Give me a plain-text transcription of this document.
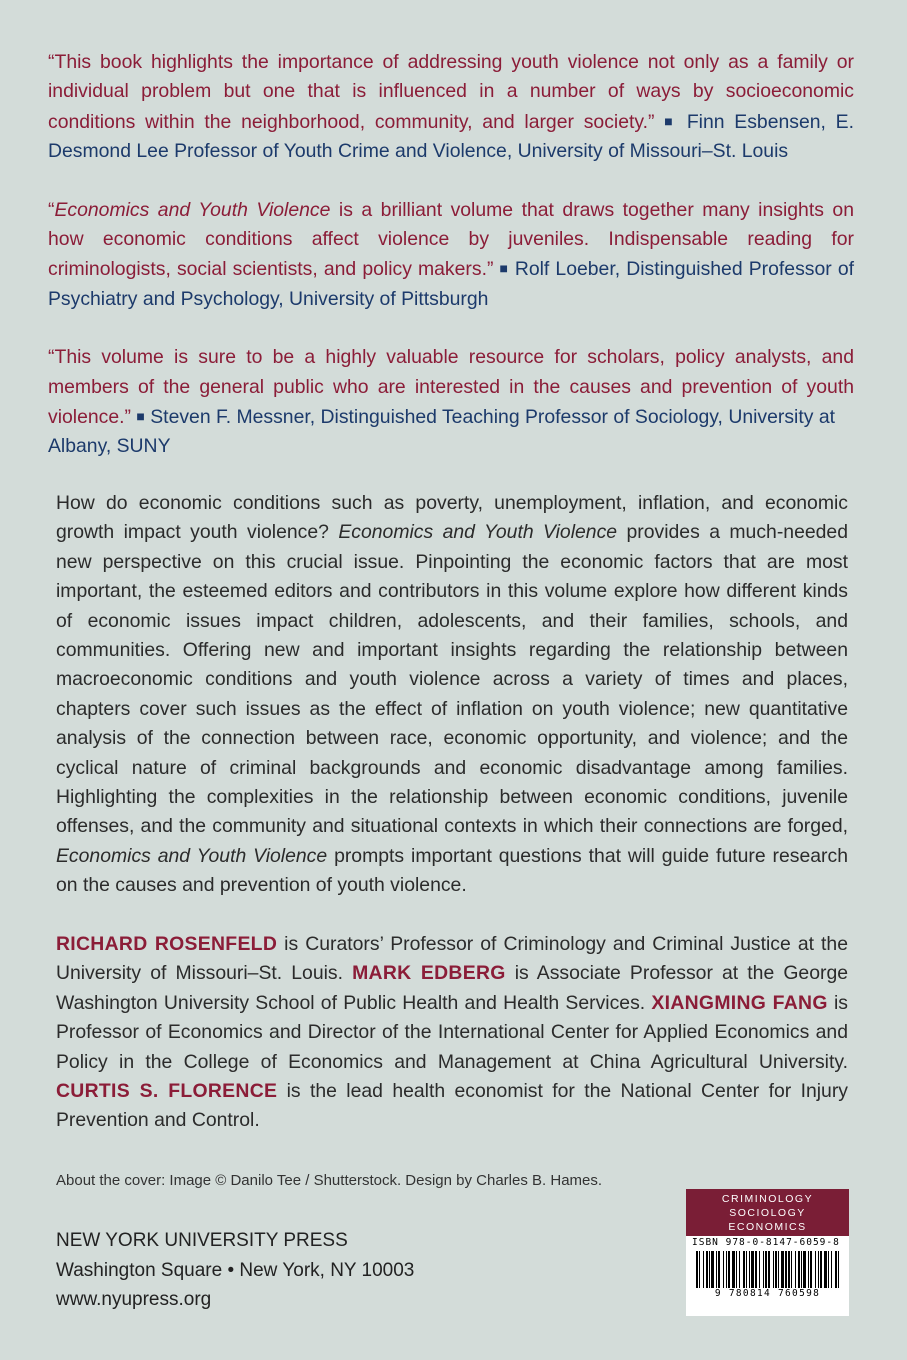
“This book highlights the importance of addressing youth violence not only as a family or individual problem but one that is influenced in a number of ways by socioeconomic conditions within the neighborhood, community, and larger society.” ■ Finn Esbensen, E. Desmond Lee Professor of Youth Crime and Violence, University of Missouri–St. Louis

“Economics and Youth Violence is a brilliant volume that draws together many insights on how economic conditions affect violence by juveniles. Indispensable reading for criminologists, social scientists, and policy makers.” ■ Rolf Loeber, Distinguished Professor of Psychiatry and Psychology, University of Pittsburgh

“This volume is sure to be a highly valuable resource for scholars, policy analysts, and members of the general public who are interested in the causes and prevention of youth violence.” ■ Steven F. Messner, Distinguished Teaching Professor of Sociology, University at
Albany, SUNY

How do economic conditions such as poverty, unemployment, inflation, and economic growth impact youth violence? Economics and Youth Violence provides a much-needed new perspective on this crucial issue. Pinpointing the economic factors that are most important, the esteemed editors and contributors in this volume explore how different kinds of economic issues impact children, adolescents, and their families, schools, and communities. Offering new and important insights regarding the relationship between macroeconomic conditions and youth violence across a variety of times and places, chapters cover such issues as the effect of inflation on youth violence; new quantitative analysis of the connection between race, economic opportunity, and violence; and the cyclical nature of criminal backgrounds and economic disadvantage among families. Highlighting the complexities in the relationship between economic conditions, juvenile offenses, and the community and situational contexts in which their connections are forged, Economics and Youth Violence prompts important questions that will guide future research on the causes and prevention of youth violence.

RICHARD ROSENFELD is Curators’ Professor of Criminology and Criminal Justice at the University of Missouri–St. Louis. MARK EDBERG is Associate Professor at the George Washington University School of Public Health and Health Services. XIANGMING FANG is Professor of Economics and Director of the International Center for Applied Economics and Policy in the College of Economics and Management at China Agricultural University. CURTIS S. FLORENCE is the lead health economist for the National Center for Injury Prevention and Control.

About the cover: Image © Danilo Tee / Shutterstock. Design by Charles B. Hames.

NEW YORK UNIVERSITY PRESS
Washington Square • New York, NY 10003
www.nyupress.org
CRIMINOLOGY
SOCIOLOGY
ECONOMICS
ISBN 978-0-8147-6059-8
9 780814 760598
